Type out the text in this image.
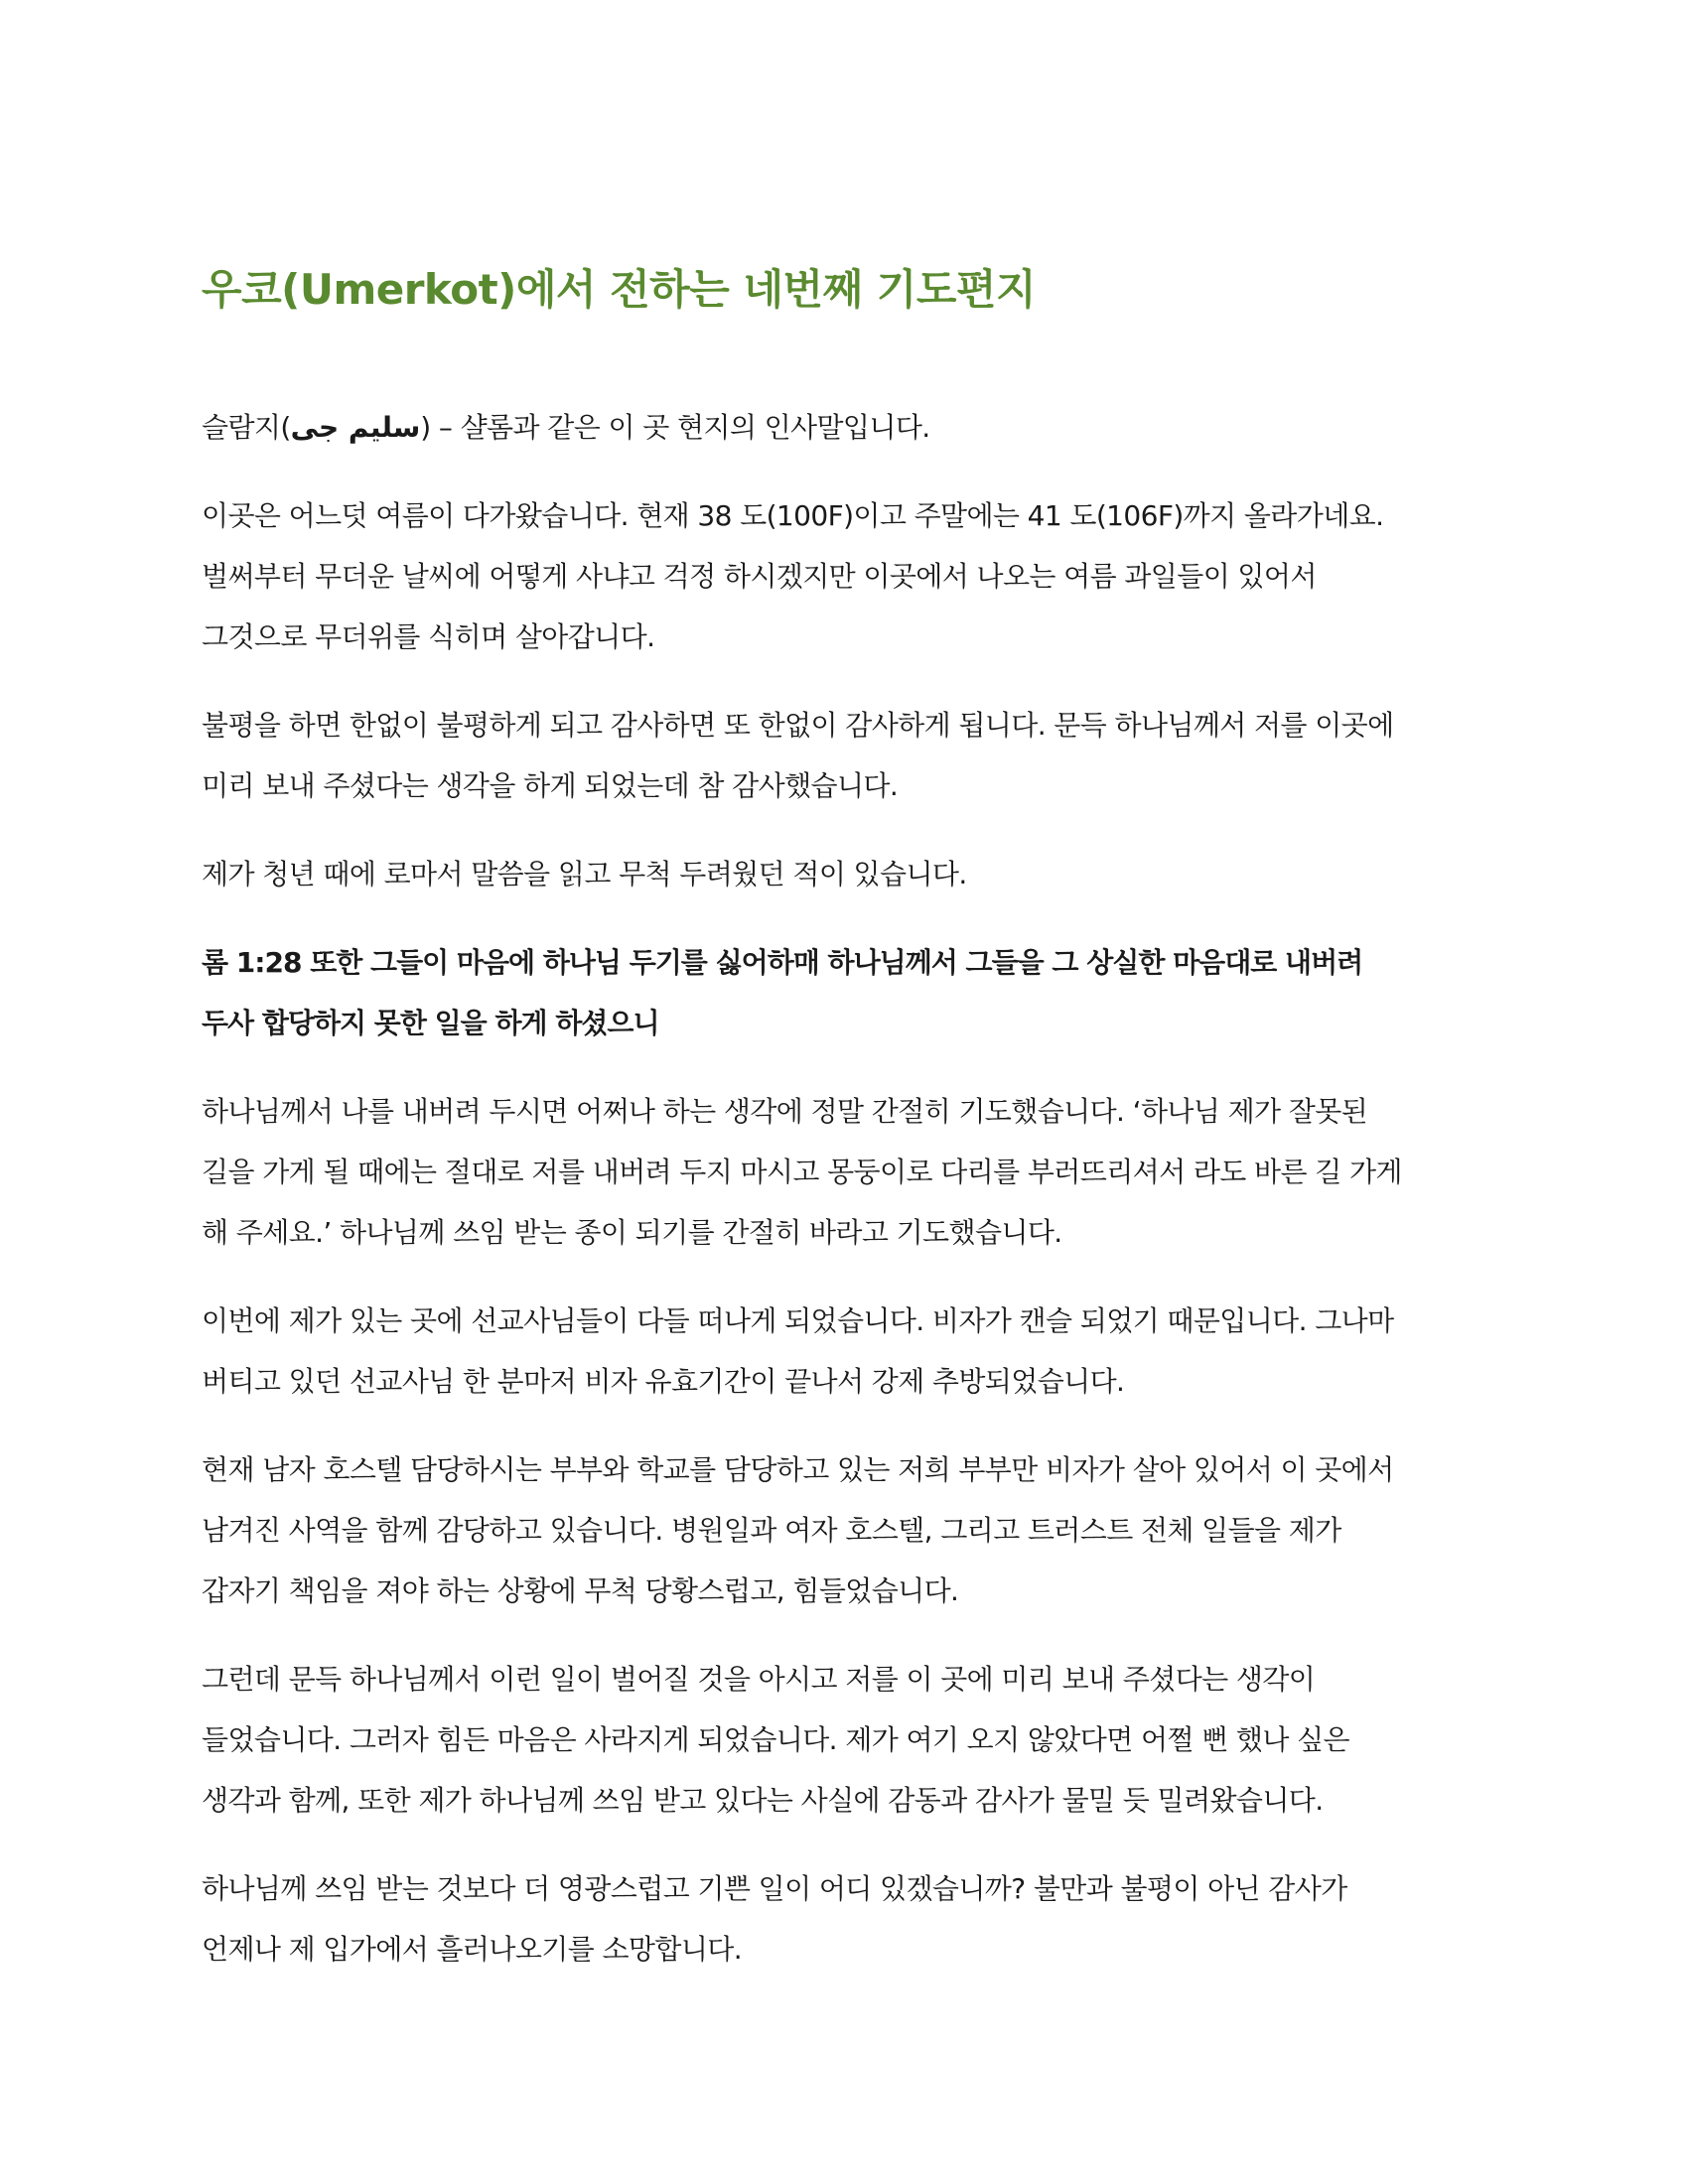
우코(Umerkot)에서 전하는 네번째 기도편지

슬람지(سلیم جی) – 샬롬과 같은 이 곳 현지의 인사말입니다.

이곳은 어느덧 여름이 다가왔습니다. 현재 38 도(100F)이고 주말에는 41 도(106F)까지 올라가네요.
벌써부터 무더운 날씨에 어떻게 사냐고 걱정 하시겠지만 이곳에서 나오는 여름 과일들이 있어서
그것으로 무더위를 식히며 살아갑니다.

불평을 하면 한없이 불평하게 되고 감사하면 또 한없이 감사하게 됩니다. 문득 하나님께서 저를 이곳에
미리 보내 주셨다는 생각을 하게 되었는데 참 감사했습니다.

제가 청년 때에 로마서 말씀을 읽고 무척 두려웠던 적이 있습니다.

롬 1:28 또한 그들이 마음에 하나님 두기를 싫어하매 하나님께서 그들을 그 상실한 마음대로 내버려
두사 합당하지 못한 일을 하게 하셨으니

하나님께서 나를 내버려 두시면 어쩌나 하는 생각에 정말 간절히 기도했습니다. ‘하나님 제가 잘못된
길을 가게 될 때에는 절대로 저를 내버려 두지 마시고 몽둥이로 다리를 부러뜨리셔서 라도 바른 길 가게
해 주세요.’ 하나님께 쓰임 받는 종이 되기를 간절히 바라고 기도했습니다.

이번에 제가 있는 곳에 선교사님들이 다들 떠나게 되었습니다. 비자가 캔슬 되었기 때문입니다. 그나마
버티고 있던 선교사님 한 분마저 비자 유효기간이 끝나서 강제 추방되었습니다.

현재 남자 호스텔 담당하시는 부부와 학교를 담당하고 있는 저희 부부만 비자가 살아 있어서 이 곳에서
남겨진 사역을 함께 감당하고 있습니다. 병원일과 여자 호스텔, 그리고 트러스트 전체 일들을 제가
갑자기 책임을 져야 하는 상황에 무척 당황스럽고, 힘들었습니다.

그런데 문득 하나님께서 이런 일이 벌어질 것을 아시고 저를 이 곳에 미리 보내 주셨다는 생각이
들었습니다. 그러자 힘든 마음은 사라지게 되었습니다. 제가 여기 오지 않았다면 어쩔 뻔 했나 싶은
생각과 함께, 또한 제가 하나님께 쓰임 받고 있다는 사실에 감동과 감사가 물밀 듯 밀려왔습니다.

하나님께 쓰임 받는 것보다 더 영광스럽고 기쁜 일이 어디 있겠습니까? 불만과 불평이 아닌 감사가
언제나 제 입가에서 흘러나오기를 소망합니다.
